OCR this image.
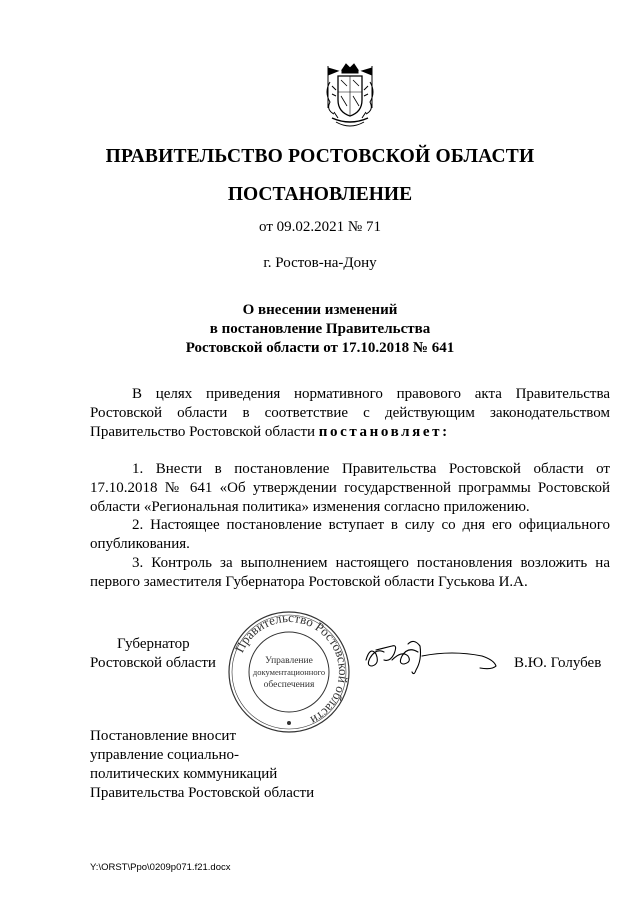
ПРАВИТЕЛЬСТВО РОСТОВСКОЙ ОБЛАСТИ
ПОСТАНОВЛЕНИЕ
от 09.02.2021 № 71
г. Ростов-на-Дону
О внесении изменений
в постановление Правительства
Ростовской области от 17.10.2018 № 641
В целях приведения нормативного правового акта Правительства Ростовской области в соответствие с действующим законодательством Правительство Ростовской области постановляет:
1. Внести в постановление Правительства Ростовской области от 17.10.2018 № 641 «Об утверждении государственной программы Ростовской области «Региональная политика» изменения согласно приложению.
2. Настоящее постановление вступает в силу со дня его официального опубликования.
3. Контроль за выполнением настоящего постановления возложить на первого заместителя Губернатора Ростовской области Гуськова И.А.
Губернатор
Ростовской области
Правительство Ростовской области
Управление
документационного
обеспечения
В.Ю. Голубев
Постановление вносит
управление социально-
политических коммуникаций
Правительства Ростовской области
Y:\ORST\Ppo\0209p071.f21.docx
